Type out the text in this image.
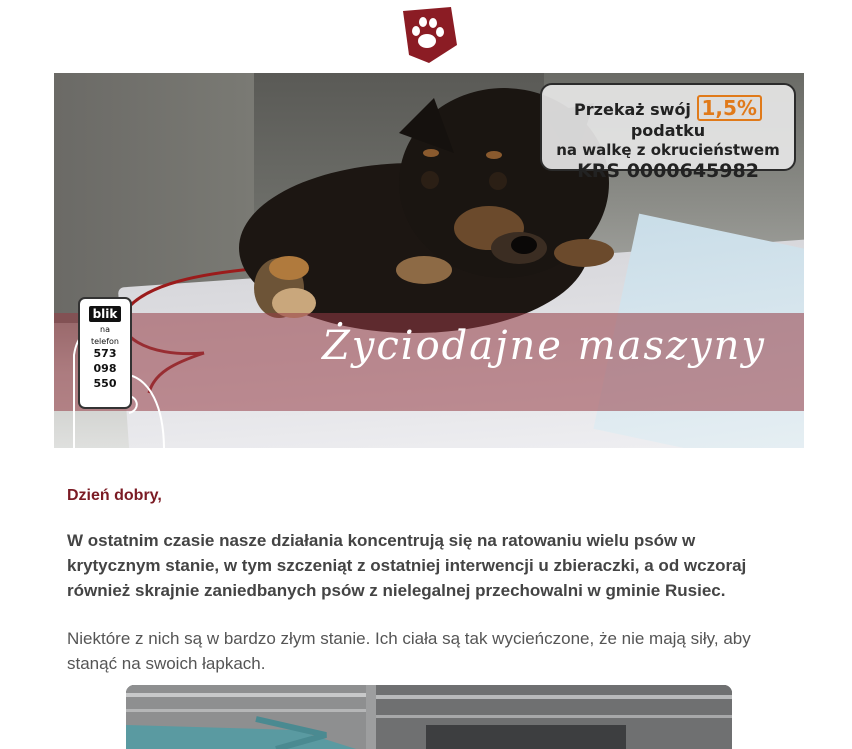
Życiodajne maszyny
Przekaż swój 1,5% podatku
na walkę z okrucieństwem
KRS 0000645982
blik
na
telefon
573
098
550
Dzień dobry,
W ostatnim czasie nasze działania koncentrują się na ratowaniu wielu psów w krytycznym stanie, w tym szczeniąt z ostatniej interwencji u zbieraczki, a od wczoraj również skrajnie zaniedbanych psów z nielegalnej przechowalni w gminie Rusiec.
Niektóre z nich są w bardzo złym stanie. Ich ciała są tak wycieńczone, że nie mają siły, aby stanąć na swoich łapkach.
